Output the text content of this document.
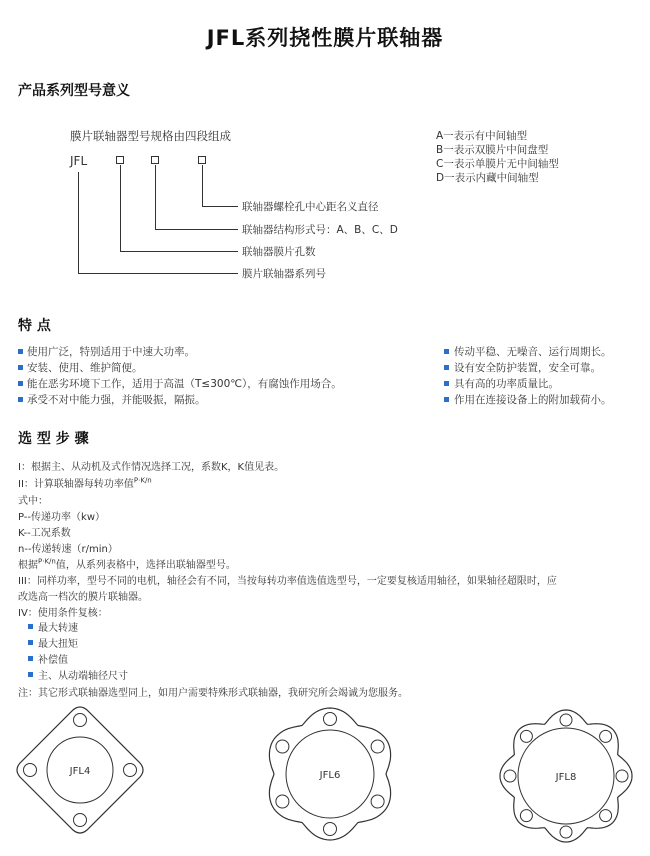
JFL系列挠性膜片联轴器
产品系列型号意义
膜片联轴器型号规格由四段组成
JFL
联轴器螺栓孔中心距名义直径
联轴器结构形式号：A、B、C、D
联轴器膜片孔数
膜片联轴器系列号
A一表示有中间轴型
B一表示双膜片中间盘型
C一表示单膜片无中间轴型
D一表示内藏中间轴型
特 点
使用广泛，特别适用于中速大功率。
安装、使用、维护简便。
能在恶劣环境下工作，适用于高温（T≤300℃），有腐蚀作用场合。
承受不对中能力强，并能吸振，隔振。
传动平稳、无噪音、运行周期长。
设有安全防护装置，安全可靠。
具有高的功率质量比。
作用在连接设备上的附加载荷小。
选 型 步 骤
I：根据主、从动机及式作情况选择工况，系数K，K值见表。
II：计算联轴器每转功率值$^{P\cdot K/n}$
式中：
P--传递功率（kw）
K--工况系数
n--传递转速（r/min）
根据$^{P\cdot K/n}$值，从系列表格中，选择出联轴器型号。
III：同样功率，型号不同的电机，轴径会有不同，当按每转功率值选值选型号，一定要复核适用轴径，如果轴径超限时，应
改选高一档次的膜片联轴器。
IV：使用条件复核：
最大转速
最大扭矩
补偿值
主、从动端轴径尺寸
注：其它形式联轴器选型同上，如用户需要特殊形式联轴器，我研究所会竭诚为您服务。
JFL4	JFL6	JFL8
